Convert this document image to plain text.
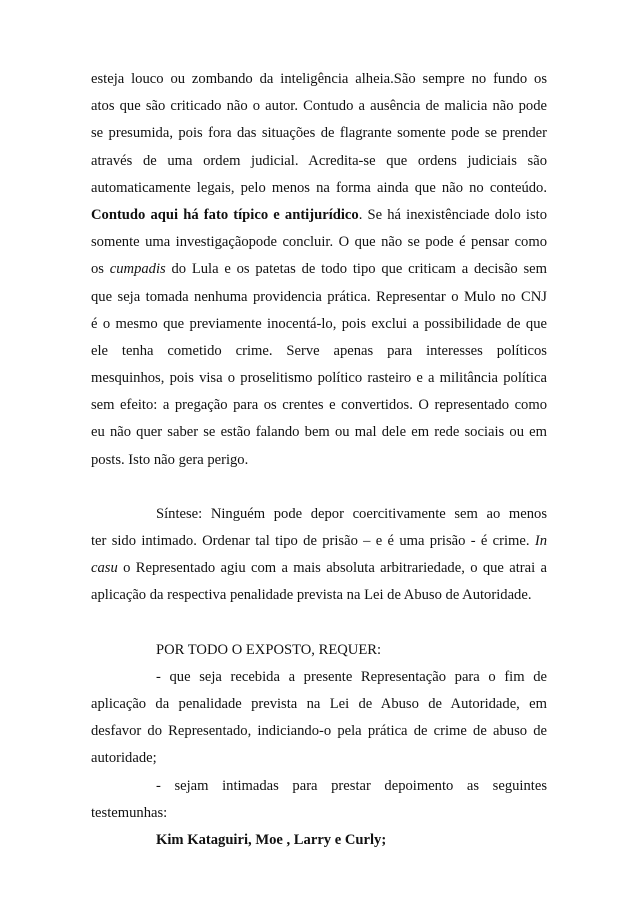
esteja louco ou zombando da inteligência alheia.São sempre no fundo os
atos que são criticado não o autor. Contudo a ausência de malicia não pode
se presumida, pois fora das situações de flagrante somente pode se prender
através de uma ordem judicial. Acredita-se que ordens judiciais são
automaticamente legais, pelo menos na forma ainda que não no conteúdo.
Contudo aqui há fato típico e antijurídico. Se há inexistênciade dolo isto
somente uma investigaçãopode concluir. O que não se pode é pensar como
os cumpadis do Lula e os patetas de todo tipo que criticam a decisão sem
que seja tomada nenhuma providencia prática. Representar o Mulo no CNJ
é o mesmo que previamente inocentá-lo, pois exclui a possibilidade de que
ele tenha cometido crime. Serve apenas para interesses políticos
mesquinhos, pois visa o proselitismo político rasteiro e a militância política
sem efeito: a pregação para os crentes e convertidos. O representado como
eu não quer saber se estão falando bem ou mal dele em rede sociais ou em
posts. Isto não gera perigo.
Síntese: Ninguém pode depor coercitivamente sem ao menos
ter sido intimado. Ordenar tal tipo de prisão – e é uma prisão - é crime. In
casu o Representado agiu com a mais absoluta arbitrariedade, o que atrai a
aplicação da respectiva penalidade prevista na Lei de Abuso de Autoridade.
POR TODO O EXPOSTO, REQUER:
- que seja recebida a presente Representação para o fim de
aplicação da penalidade prevista na Lei de Abuso de Autoridade, em
desfavor do Representado, indiciando-o pela prática de crime de abuso de
autoridade;
- sejam intimadas para prestar depoimento as seguintes
testemunhas:
Kim Kataguiri, Moe , Larry e Curly;
